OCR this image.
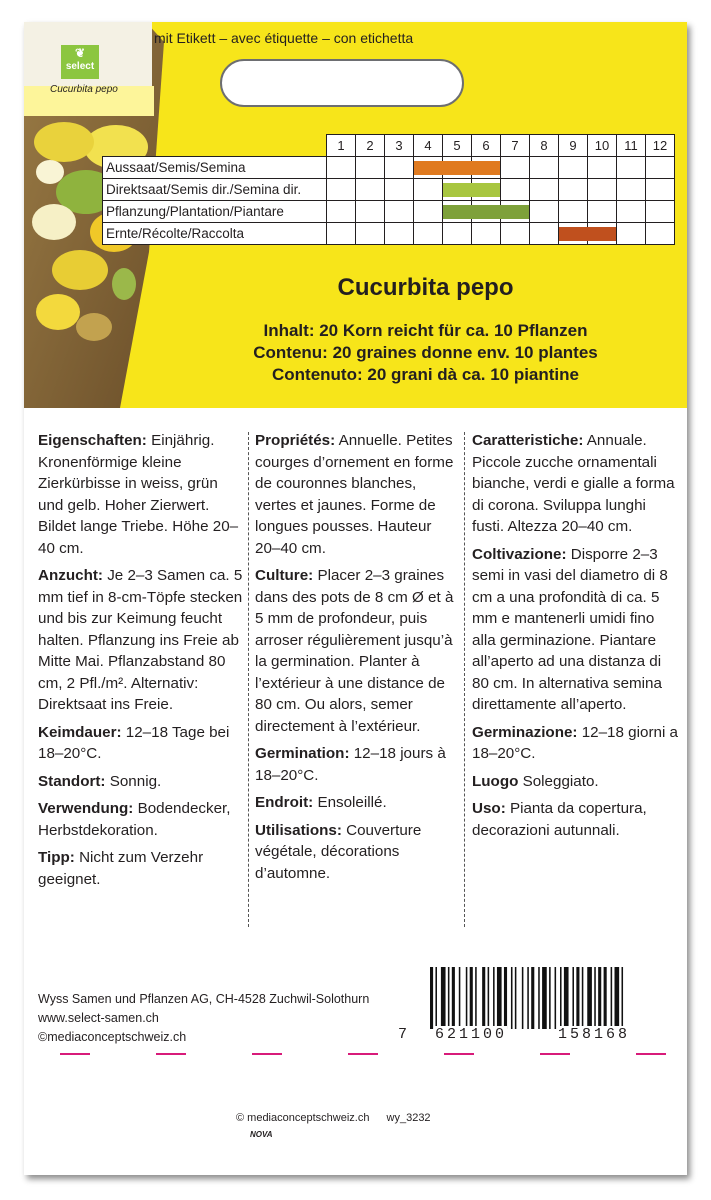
❦
select
Cucurbita pepo
mit Etikett – avec étiquette – con etichetta
	1	2	3	4	5	6	7	8	9	10	11	12
Aussaat/Semis/Semina				

Direktsaat/Semis dir./Semina dir.					

Pflanzung/Plantation/Piantare					

Ernte/Récolte/Raccolta									

Cucurbita pepo
Inhalt: 20 Korn reicht für ca. 10 Pflanzen
Contenu: 20 graines donne env. 10 plantes
Contenuto: 20 grani dà ca. 10 piantine

Eigenschaften: Einjährig. Kronenförmige kleine Zierkürbisse in weiss, grün und gelb. Hoher Zierwert. Bildet lange Triebe. Höhe 20–40 cm.

Anzucht: Je 2–3 Samen ca. 5 mm tief in 8-cm-Töpfe stecken und bis zur Keimung feucht halten. Pflanzung ins Freie ab Mitte Mai. Pflanzabstand 80 cm, 2 Pfl./m². Alternativ: Direktsaat ins Freie.

Keimdauer: 12–18 Tage bei 18–20°C.

Standort: Sonnig.

Verwendung: Bodendecker, Herbstdekoration.

Tipp: Nicht zum Verzehr geeignet.

Propriétés: Annuelle. Petites courges d’ornement en forme de couronnes blanches, vertes et jaunes. Forme de longues pousses. Hauteur 20–40 cm.

Culture: Placer 2–3 graines dans des pots de 8 cm Ø et à 5 mm de profondeur, puis arroser régulièrement jusqu’à la germination. Planter à l’extérieur à une distance de 80 cm. Ou alors, semer directement à l’extérieur.

Germination: 12–18 jours à 18–20°C.

Endroit: Ensoleillé.

Utilisations: Couverture végétale, décorations d’automne.

Caratteristiche: Annuale. Piccole zucche ornamentali bianche, verdi e gialle a forma di corona. Sviluppa lunghi fusti. Altezza 20–40 cm.

Coltivazione: Disporre 2–3 semi in vasi del diametro di 8 cm a una profondità di ca. 5 mm e mantenerli umidi fino alla germinazione. Piantare all’aperto ad una distanza di 80 cm. In alternativa semina direttamente all’aperto.

Germinazione: 12–18 giorni a 18–20°C.

Luogo Soleggiato.

Uso: Pianta da copertura, decorazioni autunnali.

Wyss Samen und Pflanzen AG, CH-4528 Zuchwil-Solothurn
www.select-samen.ch
©mediaconceptschweiz.ch	7 621100	158168
© mediaconceptschweiz.ch wy_3232
NOVA
